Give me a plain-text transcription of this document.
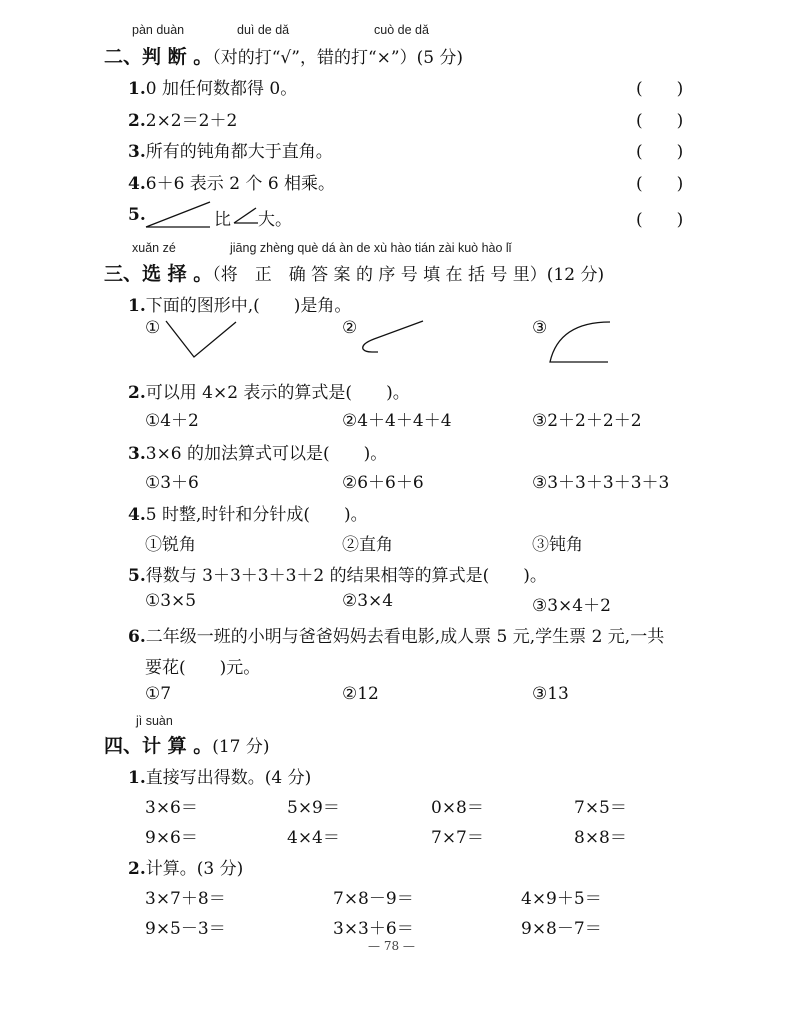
pàn duàn	duì de dǎ	cuò de dǎ
二、判 断 。（对的打“√”，错的打“×”）(5 分)
1.0 加任何数都得 0。	(　　)
2.2×2＝2＋2	(　　)
3.所有的钝角都大于直角。	(　　)
4.6＋6 表示 2 个 6 相乘。	(　　)
5.	比 大。	(　　)
xuǎn zé	jiāng zhèng què dá àn de xù hào tián zài kuò hào lǐ
三、选 择 。（将　正　确 答 案 的 序 号 填 在 括 号 里）(12 分)
1.下面的图形中,(　　)是角。
①	②	③
2.可以用 4×2 表示的算式是(　　)。
①4＋2	②4＋4＋4＋4	③2＋2＋2＋2
3.3×6 的加法算式可以是(　　)。
①3＋6	②6＋6＋6	③3＋3＋3＋3＋3
4.5 时整,时针和分针成(　　)。
①锐角	②直角	③钝角
5.得数与 3＋3＋3＋3＋2 的结果相等的算式是(　　)。
①3×5	②3×4	③3×4＋2
6.二年级一班的小明与爸爸妈妈去看电影,成人票 5 元,学生票 2 元,一共
要花(　　)元。
①7	②12	③13
jì suàn
四、计 算 。(17 分)
1.直接写出得数。(4 分)
3×6＝	5×9＝	0×8＝	7×5＝
9×6＝	4×4＝	7×7＝	8×8＝
2.计算。(3 分)
3×7＋8＝	7×8－9＝	4×9＋5＝
9×5－3＝	3×3＋6＝	9×8－7＝
— 78 —
